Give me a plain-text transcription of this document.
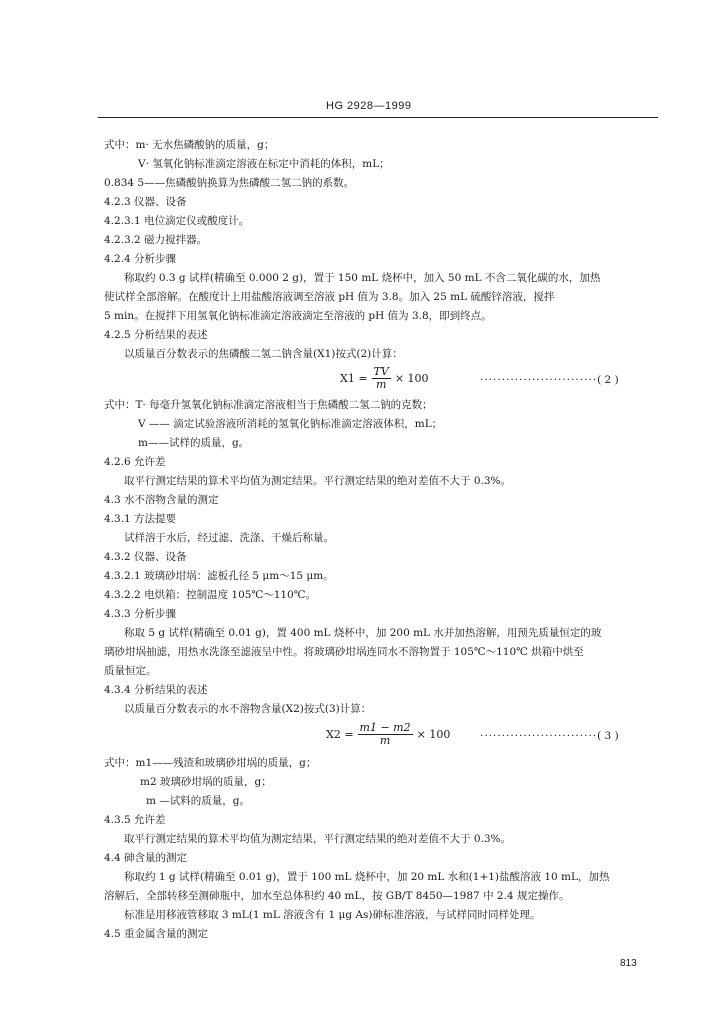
HG 2928—1999
式中：m· 无水焦磷酸钠的质量，g；
V· 氢氧化钠标准滴定溶液在标定中消耗的体积，mL；
0.834 5——焦磷酸钠换算为焦磷酸二氢二钠的系数。
4.2.3 仪器、设备
4.2.3.1 电位滴定仪或酸度计。
4.2.3.2 磁力搅拌器。
4.2.4 分析步骤
称取约 0.3 g 试样(精确至 0.000 2 g)，置于 150 mL 烧杯中，加入 50 mL 不含二氧化碳的水，加热
使试样全部溶解。在酸度计上用盐酸溶液调至溶液 pH 值为 3.8。加入 25 mL 硫酸锌溶液，搅拌
5 min。在搅拌下用氢氧化钠标准滴定溶液滴定至溶液的 pH 值为 3.8，即到终点。
4.2.5 分析结果的表述
以质量百分数表示的焦磷酸二氢二钠含量(X1)按式(2)计算：
$X1 = \frac{TV}{m} \times 100$	···························( 2 )
式中：T· 每毫升氢氧化钠标准滴定溶液相当于焦磷酸二氢二钠的克数；
V —— 滴定试验溶液所消耗的氢氧化钠标准滴定溶液体积，mL；
m——试样的质量，g。
4.2.6 允许差
取平行测定结果的算术平均值为测定结果。平行测定结果的绝对差值不大于 0.3%。
4.3 水不溶物含量的测定
4.3.1 方法提要
试样溶于水后，经过滤、洗涤、干燥后称量。
4.3.2 仪器、设备
4.3.2.1 玻璃砂坩埚：滤板孔径 5 μm～15 μm。
4.3.2.2 电烘箱：控制温度 105℃～110℃。
4.3.3 分析步骤
称取 5 g 试样(精确至 0.01 g)，置 400 mL 烧杯中，加 200 mL 水并加热溶解，用预先质量恒定的玻
璃砂坩埚抽滤，用热水洗涤至滤液呈中性。将玻璃砂坩埚连同水不溶物置于 105℃～110℃ 烘箱中烘至
质量恒定。
4.3.4 分析结果的表述
以质量百分数表示的水不溶物含量(X2)按式(3)计算：
$X2 = \frac{m1 - m2}{m} \times 100$	···························( 3 )
式中：m1——残渣和玻璃砂坩埚的质量，g；
m2 玻璃砂坩埚的质量，g；
m —试料的质量，g。
4.3.5 允许差
取平行测定结果的算术平均值为测定结果，平行测定结果的绝对差值不大于 0.3%。
4.4 砷含量的测定
称取约 1 g 试样(精确至 0.01 g)，置于 100 mL 烧杯中，加 20 mL 水和(1+1)盐酸溶液 10 mL，加热
溶解后，全部转移至测砷瓶中，加水至总体积约 40 mL，按 GB/T 8450—1987 中 2.4 规定操作。
标准是用移液管移取 3 mL(1 mL 溶液含有 1 μg As)砷标准溶液，与试样同时同样处理。
4.5 重金属含量的测定
813
